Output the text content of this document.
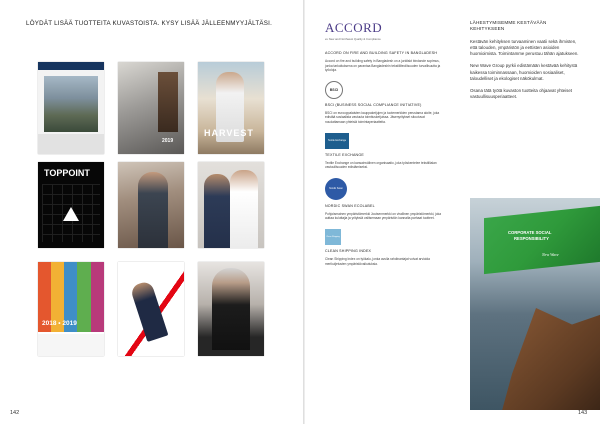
LÖYDÄT LISÄÄ TUOTTEITA KUVASTOISTA. KYSY LISÄÄ JÄLLEENMYYJÄLTÄSI.
2019
HARVEST
TOPPOINT
2018 • 2019
142
ACCORD
ex New and Northwest Quality & Compliance
ACCORD ON FIRE AND BUILDING SAFETY IN BANGLADESH
Accord on fire and building safety in Bangladesh on a juridiskt bindande sopimus, jonka tarkoituksena on parantaa Bangladeshin tekstiiliteollisuuden turvallisuutta ja työoloja.
BSCI
BSCI (BUSINESS SOCIAL COMPLIANCE INITIATIVE)
BSCI on eurooppalaisten kauppaketjujen ja tuotemerkkien perustama aloite, joka edistää sosiaalista vastuuta toimitusketjuissa. Jäsenyritykset sitoutuvat noudattamaan yhteisiä toimintaperiaatteita.
Textile Exchange
TEXTILE EXCHANGE
Textile Exchange on kansainvälinen organisaatio, joka työskentelee tekstiilialan vastuullisuuden edistämiseksi.
Nordic Swan
NORDIC SWAN ECOLABEL
Pohjoismainen ympäristömerkki Joutsenmerkki on virallinen ympäristömerkki, joka auttaa kuluttajia ja yrityksiä valitsemaan ympäristön kannalta parhaat tuotteet.
Clean Shipping
CLEAN SHIPPING INDEX
Clean Shipping Index on työkalu, jonka avulla rahdinantajat voivat arvioida merikuljetusten ympäristövaikutuksia.
LÄHESTYMISEMME KESTÄVÄÄN KEHITYKSEEN
Kestävän kehityksen turvaaminen vaatii sekä ihmisten, että talouden, ympäristön ja eettisten asioiden huomioimista. Toimintamme perustuu tähän ajatukseen.
New Wave Group pyrkii edistämään kestävää kehitystä kaikessa toiminnassaan, huomioiden sosiaaliset, taloudelliset ja ekologiset näkökulmat.
Osana tätä työtä kuvaston tuotteita ohjaavat yhteiset vastuullisuusperiaatteet.
CORPORATE SOCIAL
RESPONSIBILITY
New Wave
143
